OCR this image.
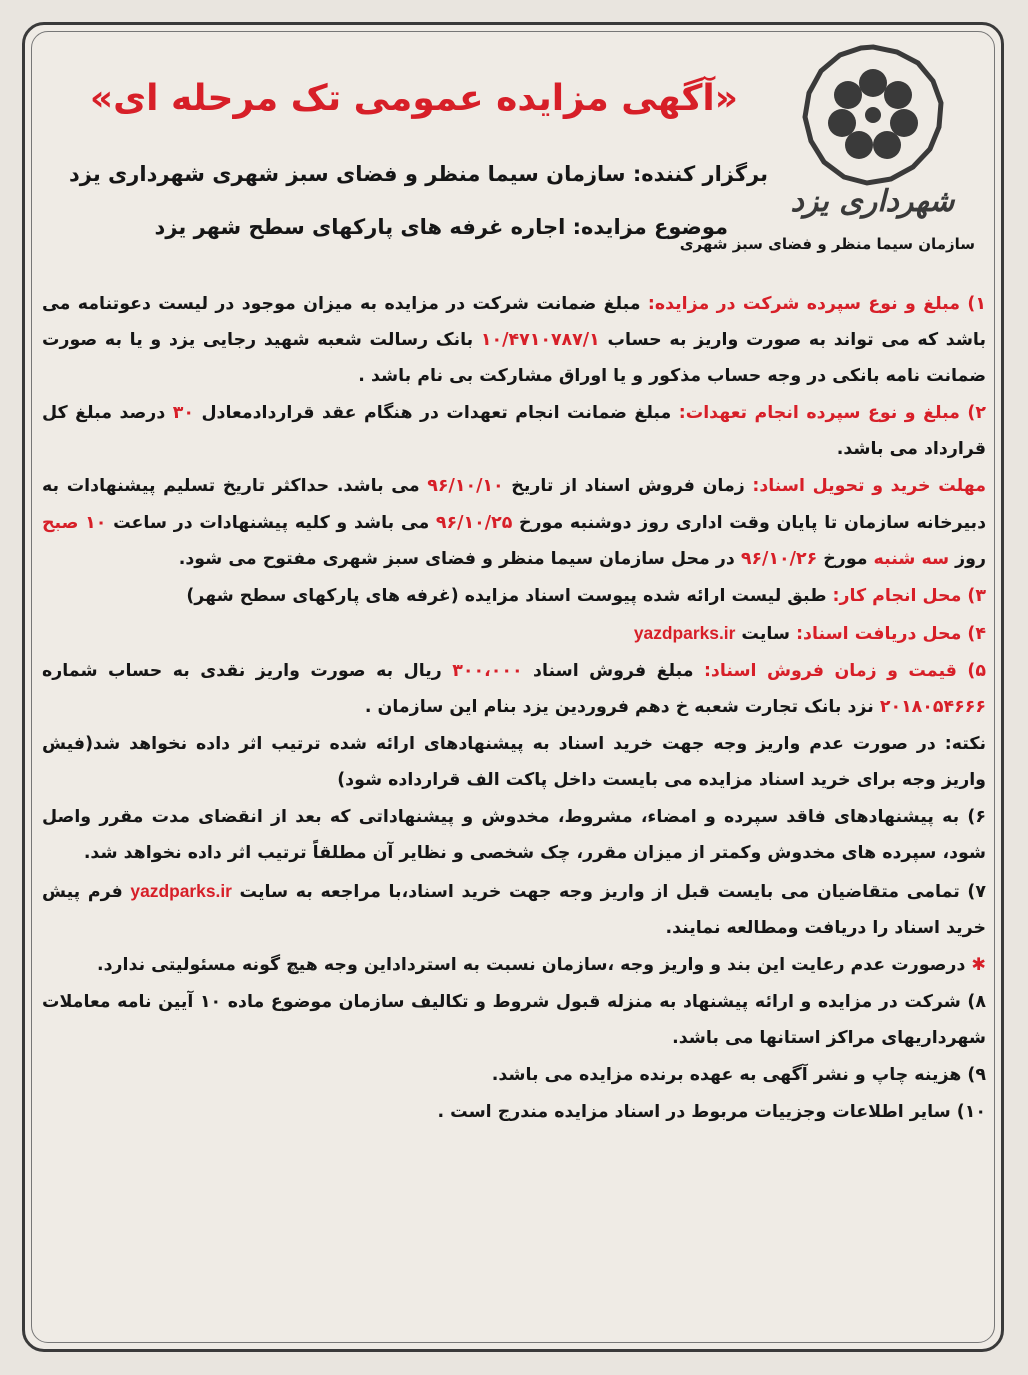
شهرداری یزد
سازمان سیما منظر و فضای سبز شهری
«آگهی مزایده عمومی تک مرحله ای»
برگزار کننده: سازمان سیما منظر و فضای سبز شهری شهرداری یزد
موضوع مزایده: اجاره غرفه های پارکهای سطح شهر یزد

۱) مبلغ و نوع سپرده شرکت در مزایده: مبلغ ضمانت شرکت در مزایده به میزان موجود در لیست دعوتنامه می باشد که می تواند به صورت واریز به حساب ۱۰/۴۷۱۰۷۸۷/۱ بانک رسالت شعبه شهید رجایی یزد و یا به صورت ضمانت نامه بانکی در وجه حساب مذکور و یا اوراق مشارکت بی نام باشد .

۲) مبلغ و نوع سپرده انجام تعهدات: مبلغ ضمانت انجام تعهدات در هنگام عقد قراردادمعادل ۳۰ درصد مبلغ کل قرارداد می باشد.

مهلت خرید و تحویل اسناد: زمان فروش اسناد از تاریخ ۹۶/۱۰/۱۰ می باشد. حداکثر تاریخ تسلیم پیشنهادات به دبیرخانه سازمان تا پایان وقت اداری روز دوشنبه مورخ ۹۶/۱۰/۲۵ می باشد و کلیه پیشنهادات در ساعت ۱۰ صبح روز سه شنبه مورخ ۹۶/۱۰/۲۶ در محل سازمان سیما منظر و فضای سبز شهری مفتوح می شود.

۳) محل انجام کار: طبق لیست ارائه شده پیوست اسناد مزایده (غرفه های پارکهای سطح شهر)

۴) محل دریافت اسناد: سایت yazdparks.ir

۵) قیمت و زمان فروش اسناد: مبلغ فروش اسناد ۳۰۰،۰۰۰ ریال به صورت واریز نقدی به حساب شماره ۲۰۱۸۰۵۴۶۶۶ نزد بانک تجارت شعبه خ دهم فروردین یزد بنام این سازمان .

نکته: در صورت عدم واریز وجه جهت خرید اسناد به پیشنهادهای ارائه شده ترتیب اثر داده نخواهد شد(فیش واریز وجه برای خرید اسناد مزایده می بایست داخل پاکت الف قرارداده شود)

۶) به پیشنهادهای فاقد سپرده و امضاء، مشروط، مخدوش و پیشنهاداتی که بعد از انقضای مدت مقرر واصل شود، سپرده های مخدوش وکمتر از میزان مقرر، چک شخصی و نظایر آن مطلقاً ترتیب اثر داده نخواهد شد.

۷) تمامی متقاضیان می بایست قبل از واریز وجه جهت خرید اسناد،با مراجعه به سایت yazdparks.ir فرم پیش خرید اسناد را دریافت ومطالعه نمایند.

✱ درصورت عدم رعایت این بند و واریز وجه ،سازمان نسبت به استرداداین وجه هیچ گونه مسئولیتی ندارد.

۸) شرکت در مزایده و ارائه پیشنهاد به منزله قبول شروط و تکالیف سازمان موضوع ماده ۱۰ آیین نامه معاملات شهرداریهای مراکز استانها می باشد.

۹) هزینه چاپ و نشر آگهی به عهده برنده مزایده می باشد.

۱۰) سایر اطلاعات وجزییات مربوط در اسناد مزایده مندرج است .
